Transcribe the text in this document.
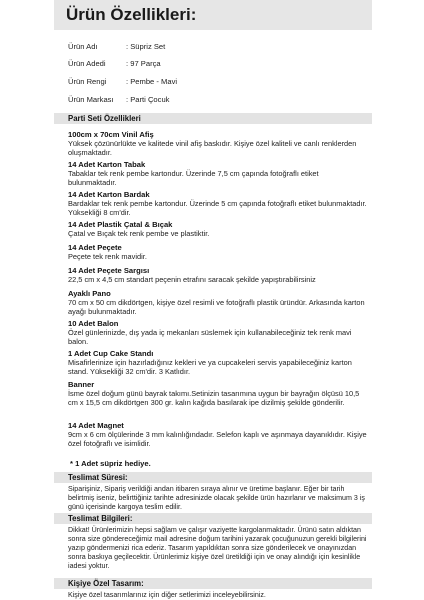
Ürün Özellikleri:
Ürün Adı	: Süpriz Set
Ürün Adedi	: 97 Parça
Ürün Rengi	: Pembe - Mavi
Ürün Markası : Parti Çocuk
Parti Seti Özellikleri
100cm x 70cm Vinil Afiş
Yüksek çözünürlükte ve kalitede vinil afiş baskıdır. Kişiye özel kaliteli ve canlı renklerden oluşmaktadır.
14 Adet Karton Tabak
Tabaklar tek renk pembe kartondur. Üzerinde 7,5 cm çapında fotoğraflı etiket bulunmaktadır.
14 Adet Karton Bardak
Bardaklar tek renk pembe kartondur. Üzerinde 5 cm çapında fotoğraflı etiket bulunmaktadır. Yüksekliği 8 cm'dir.
14 Adet Plastik Çatal & Bıçak
Çatal ve Bıçak tek renk pembe ve plastiktir.
14 Adet Peçete
Peçete tek renk mavidir.
14 Adet Peçete Sargısı
22,5 cm x 4,5 cm standart peçenin etrafını saracak şekilde yapıştırabilirsiniz
Ayaklı Pano
70 cm x 50 cm dikdörtgen, kişiye özel resimli ve fotoğraflı plastik üründür. Arkasında karton ayağı bulunmaktadır.
10 Adet Balon
Özel günlerinizde, dış yada iç mekanları süslemek için kullanabileceğiniz tek renk mavi balon.
1 Adet Cup Cake Standı
Misafirlerinize için hazırladığınız kekleri ve ya cupcakeleri servis yapabileceğiniz karton stand. Yüksekliği 32 cm'dir. 3 Katlıdır.
Banner
İsme özel doğum günü bayrak takımı.Setinizin tasarımına uygun bir bayrağın ölçüsü 10,5 cm x 15,5 cm dikdörtgen 300 gr. kalın kağıda basılarak ipe dizilmiş şekilde gönderilir.
14 Adet Magnet
9cm x 6 cm ölçülerinde 3 mm kalınlığındadır. Selefon kaplı ve aşınmaya dayanıklıdır. Kişiye özel fotoğraflı ve isimlidir.
* 1 Adet süpriz hediye.
Teslimat Süresi:
Siparişiniz, Sipariş verildiği andan itibaren sıraya alınır ve üretime başlanır. Eğer bir tarih belirtmiş iseniz, belirttiğiniz tarihte adresinizde olacak şekilde ürün hazırlanır ve maksimum 3 iş günü içerisinde kargoya teslim edilir.
Teslimat Bilgileri:
Dikkat! Ürünlerimizin hepsi sağlam ve çalışır vaziyette kargolanmaktadır. Ürünü satın aldıktan sonra size göndereceğimiz mail adresine doğum tarihini yazarak çocuğunuzun gerekli bilgilerini yazıp göndermenizi rica ederiz. Tasarım yapıldıktan sonra size gönderilecek ve onayınızdan sonra baskıya geçilecektir. Ürünlerimiz kişiye özel üretildiği için ve onay alındığı için kesinlikle iadesi yoktur.
Kişiye Özel Tasarım:
Kişiye özel tasarımlarınız için diğer setlerimizi inceleyebilirsiniz.
